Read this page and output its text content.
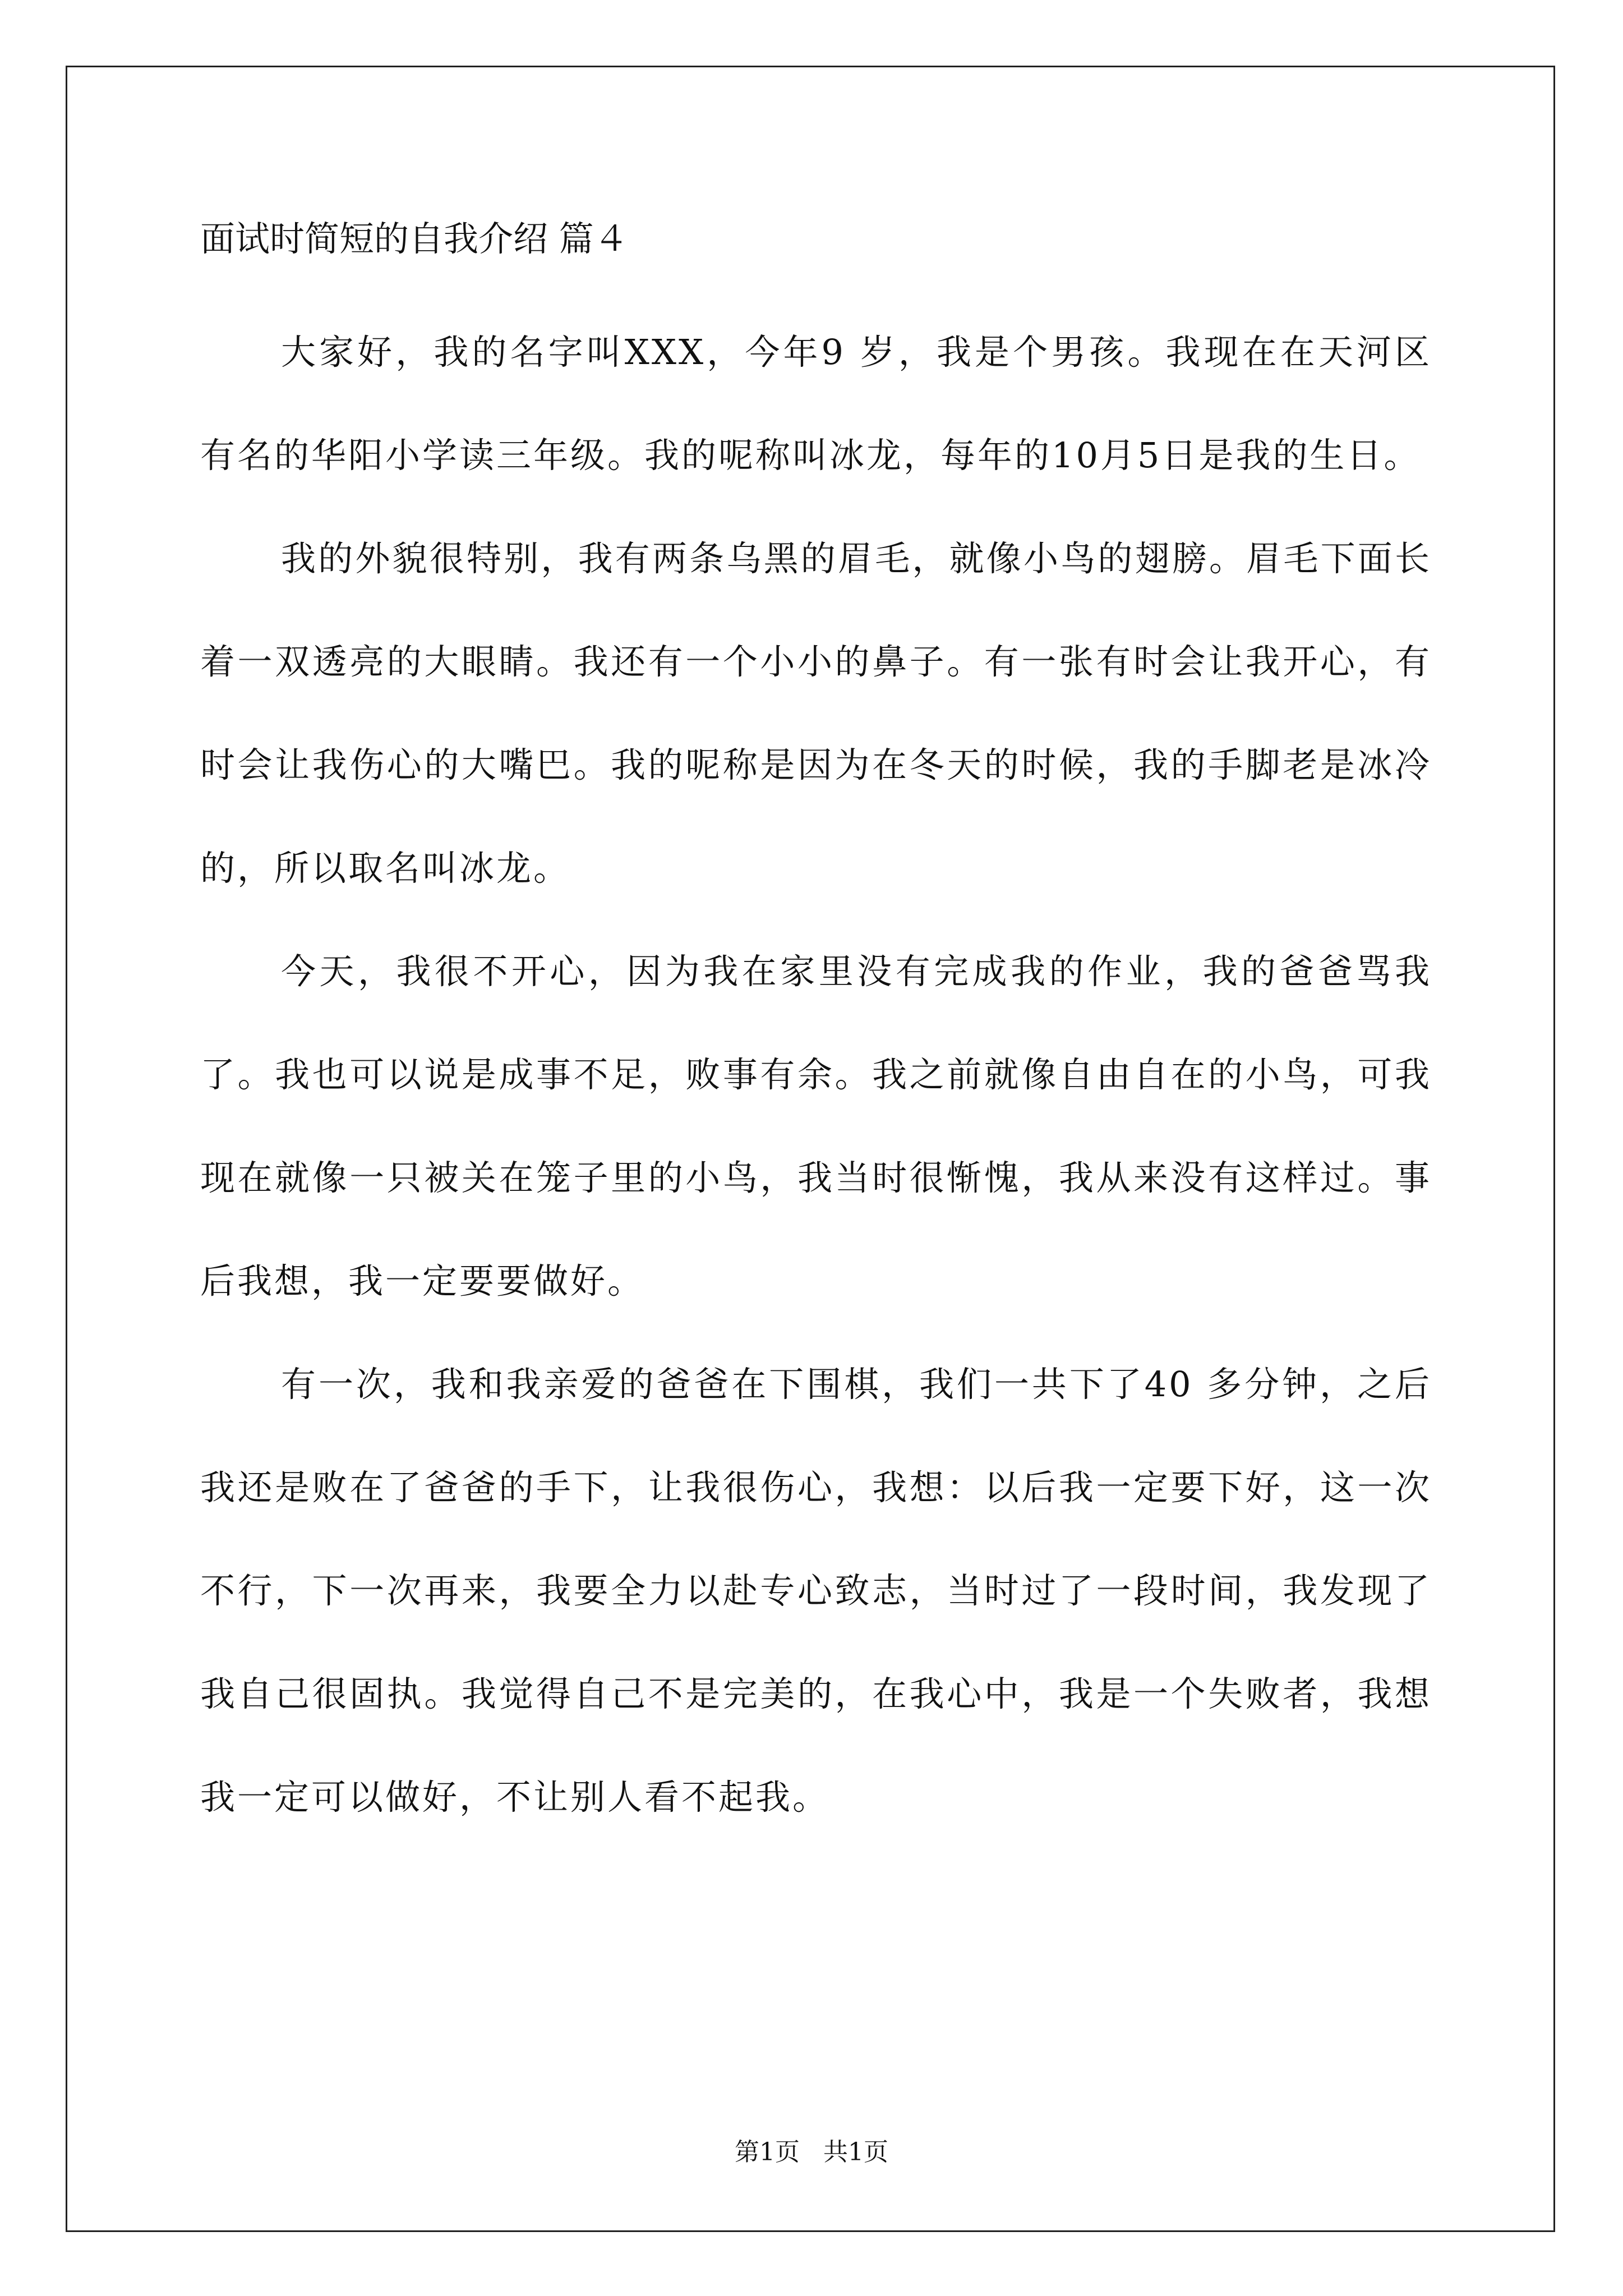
面试时简短的自我介绍 篇４

大家好，我的名字叫XXX，今年9 岁，我是个男孩。我现在在天河区有名的华阳小学读三年级。我的呢称叫冰龙，每年的10月5日是我的生日。

我的外貌很特别，我有两条乌黑的眉毛，就像小鸟的翅膀。眉毛下面长着一双透亮的大眼睛。我还有一个小小的鼻子。有一张有时会让我开心，有时会让我伤心的大嘴巴。我的呢称是因为在冬天的时候，我的手脚老是冰冷的，所以取名叫冰龙。

今天，我很不开心，因为我在家里没有完成我的作业，我的爸爸骂我了。我也可以说是成事不足，败事有余。我之前就像自由自在的小鸟，可我现在就像一只被关在笼子里的小鸟，我当时很惭愧，我从来没有这样过。事后我想，我一定要要做好。

有一次，我和我亲爱的爸爸在下围棋，我们一共下了40 多分钟，之后我还是败在了爸爸的手下，让我很伤心，我想：以后我一定要下好，这一次不行，下一次再来，我要全力以赴专心致志，当时过了一段时间，我发现了我自己很固执。我觉得自己不是完美的，在我心中，我是一个失败者，我想我一定可以做好，不让别人看不起我。

第1页 共1页
